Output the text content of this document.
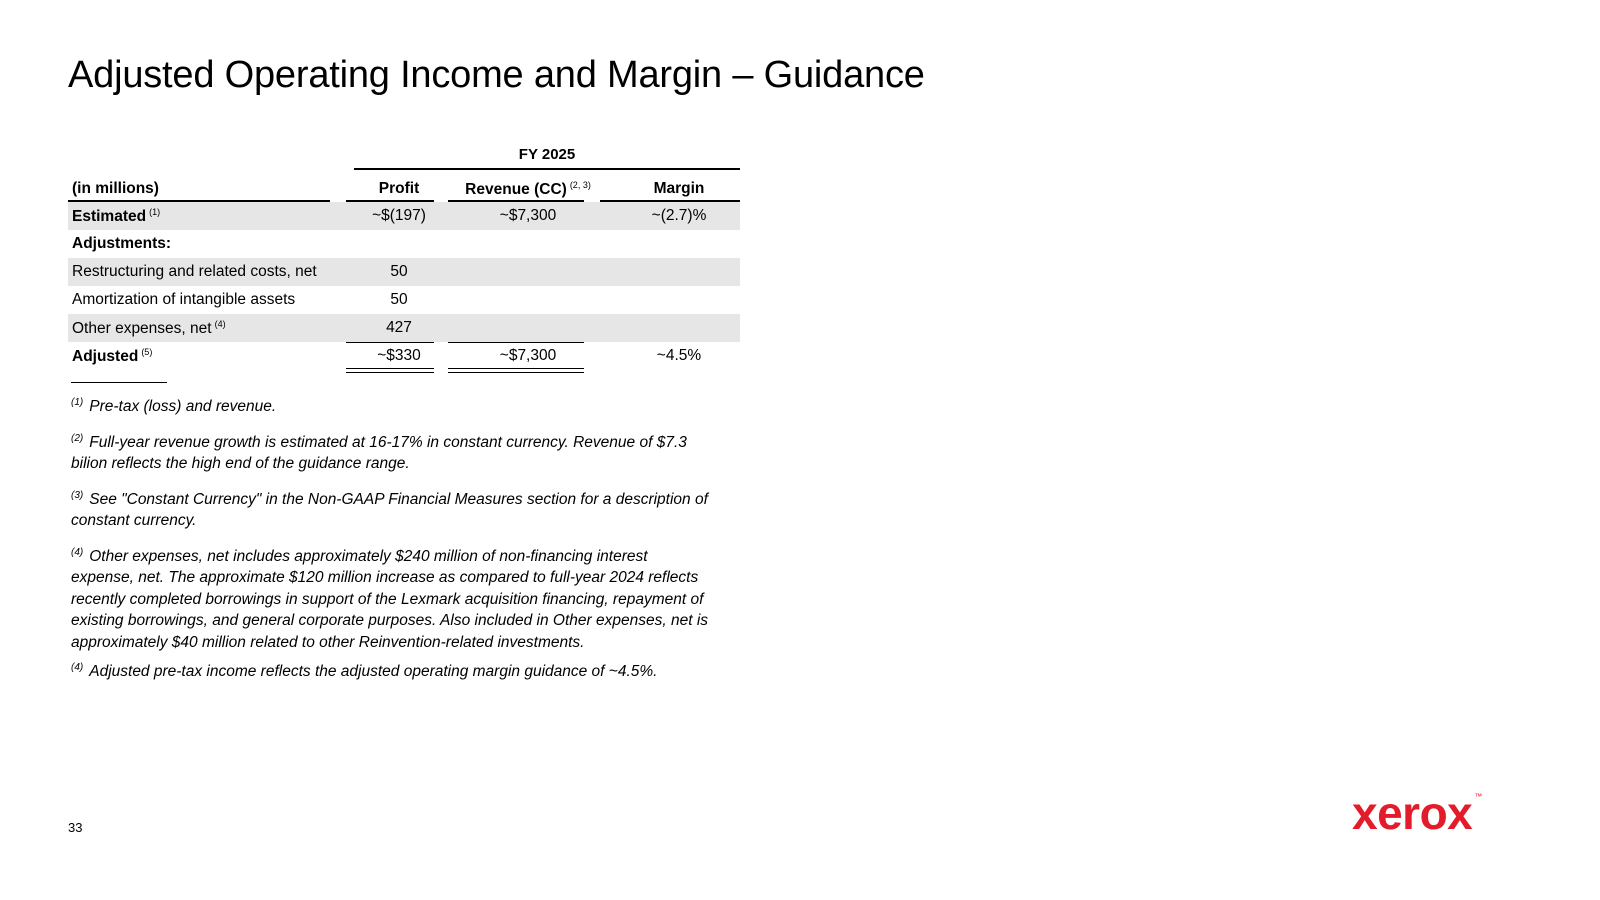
Adjusted Operating Income and Margin – Guidance
FY 2025
(in millions)	Profit	Revenue (CC) $^{(2, 3)}$	Margin
Estimated $^{(1)}$	~$(197)	~$7,300	~(2.7)%
Adjustments:
Restructuring and related costs, net	50
Amortization of intangible assets	50
Other expenses, net $^{(4)}$	427
Adjusted $^{(5)}$	~$330	~$7,300	~4.5%

$^{(1)}$ Pre-tax (loss) and revenue.

$^{(2)}$ Full-year revenue growth is estimated at 16-17% in constant currency. Revenue of $7.3 bilion reflects the high end of the guidance range.

$^{(3)}$ See "Constant Currency" in the Non-GAAP Financial Measures section for a description of constant currency.

$^{(4)}$ Other expenses, net includes approximately $240 million of non-financing interest expense, net. The approximate $120 million increase as compared to full-year 2024 reflects recently completed borrowings in support of the Lexmark acquisition financing, repayment of existing borrowings, and general corporate purposes. Also included in Other expenses, net is approximately $40 million related to other Reinvention-related investments.

$^{(4)}$ Adjusted pre-tax income reflects the adjusted operating margin guidance of ~4.5%.

33	xerox ™
